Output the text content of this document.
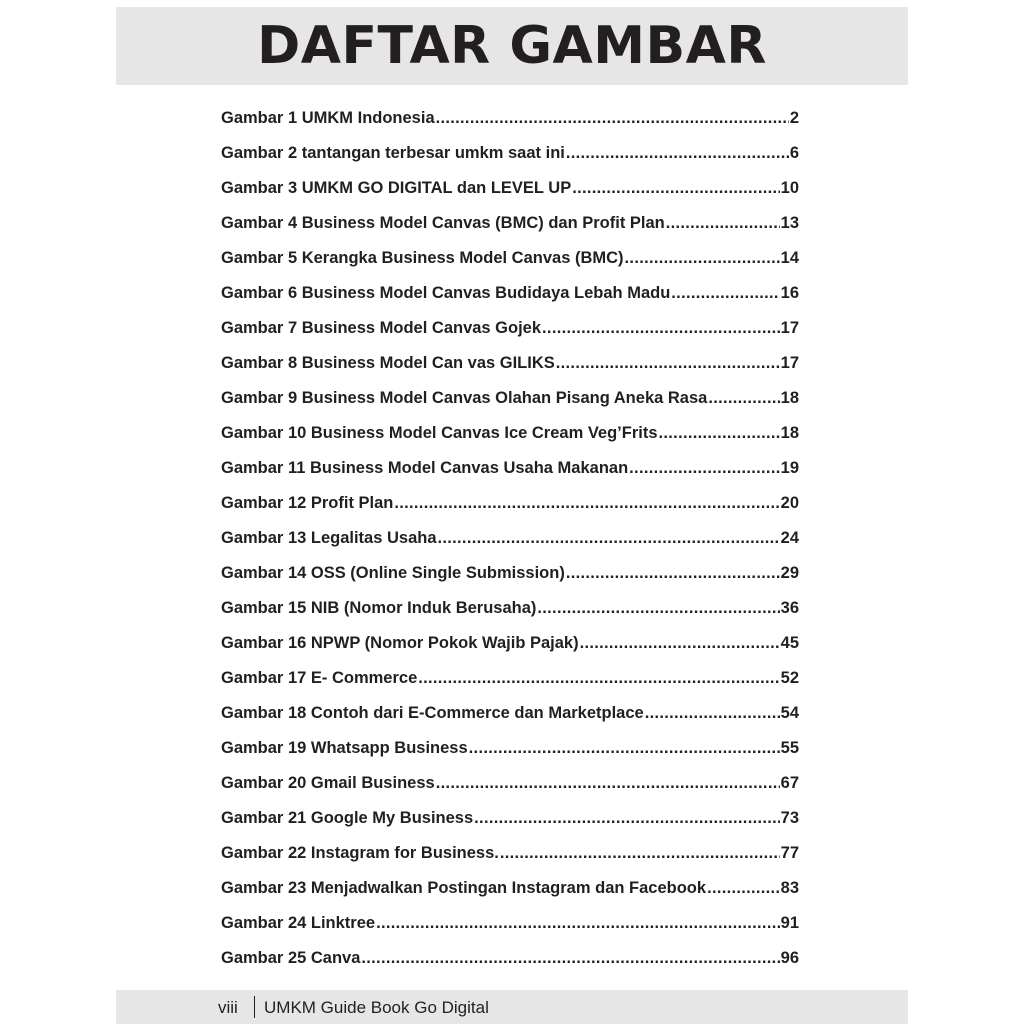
DAFTAR GAMBAR
Gambar 1 UMKM Indonesia .....	2
Gambar 2 tantangan terbesar umkm saat ini .....	6
Gambar 3 UMKM GO DIGITAL dan LEVEL UP .....	10
Gambar 4 Business Model Canvas (BMC) dan Profit Plan .....	13
Gambar 5 Kerangka Business Model Canvas (BMC) .....	14
Gambar 6 Business Model Canvas Budidaya Lebah Madu .....	16
Gambar 7 Business Model Canvas Gojek .....	17
Gambar 8 Business Model Can vas GILIKS .....	17
Gambar 9 Business Model Canvas Olahan Pisang Aneka Rasa .....	18
Gambar 10 Business Model Canvas Ice Cream Veg’Frits .....	18
Gambar 11 Business Model Canvas Usaha Makanan .....	19
Gambar 12 Profit Plan .....	20
Gambar 13 Legalitas Usaha .....	24
Gambar 14 OSS (Online Single Submission) .....	29
Gambar 15 NIB (Nomor Induk Berusaha) .....	36
Gambar 16 NPWP (Nomor Pokok Wajib Pajak) .....	45
Gambar 17 E- Commerce .....	52
Gambar 18 Contoh dari E-Commerce dan Marketplace .....	54
Gambar 19 Whatsapp Business .....	55
Gambar 20 Gmail Business .....	67
Gambar 21 Google My Business .....	73
Gambar 22 Instagram for Business. .....	77
Gambar 23 Menjadwalkan Postingan Instagram dan Facebook .....	83
Gambar 24 Linktree .....	91
Gambar 25 Canva .....	96
viii UMKM Guide Book Go Digital
